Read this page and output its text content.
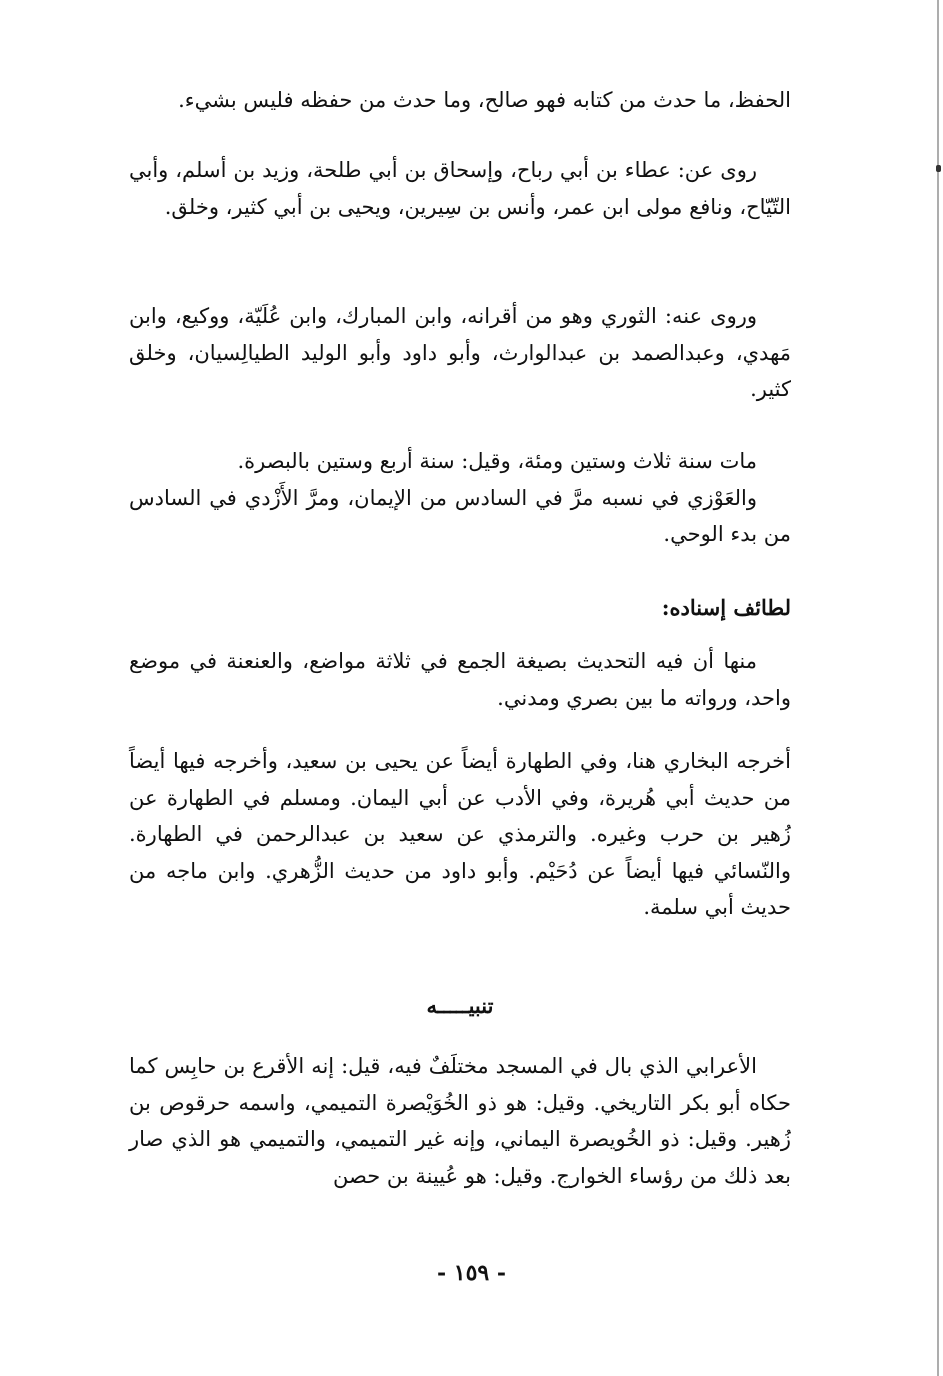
الحفظ، ما حدث من كتابه فهو صالح، وما حدث من حفظه فليس بشيء.

روى عن: عطاء بن أبي رباح، وإسحاق بن أبي طلحة، وزيد بن أسلم، وأبي التّيّاح، ونافع مولى ابن عمر، وأنس بن سِيرين، ويحيى بن أبي كثير، وخلق.

وروى عنه: الثوري وهو من أقرانه، وابن المبارك، وابن عُلَيّة، ووكيع، وابن مَهدي، وعبدالصمد بن عبدالوارث، وأبو داود وأبو الوليد الطيالِسيان، وخلق كثير.

مات سنة ثلاث وستين ومئة، وقيل: سنة أربع وستين بالبصرة.

والعَوْزي في نسبه مرَّ في السادس من الإيمان، ومرَّ الأَزْدي في السادس من بدء الوحي.

لطائف إسناده:

منها أن فيه التحديث بصيغة الجمع في ثلاثة مواضع، والعنعنة في موضع واحد، ورواته ما بين بصري ومدني.

أخرجه البخاري هنا، وفي الطهارة أيضاً عن يحيى بن سعيد، وأخرجه فيها أيضاً من حديث أبي هُريرة، وفي الأدب عن أبي اليمان. ومسلم في الطهارة عن زُهير بن حرب وغيره. والترمذي عن سعيد بن عبدالرحمن في الطهارة. والنّسائي فيها أيضاً عن دُحَيْم. وأبو داود من حديث الزُّهري. وابن ماجه من حديث أبي سلمة.

تنبيـــــه

الأعرابي الذي بال في المسجد مختلَفٌ فيه، قيل: إنه الأقرع بن حابِس كما حكاه أبو بكر التاريخي. وقيل: هو ذو الخُوَيْصرة التميمي، واسمه حرقوص بن زُهير. وقيل: ذو الخُويصرة اليماني، وإنه غير التميمي، والتميمي هو الذي صار بعد ذلك من رؤساء الخوارج. وقيل: هو عُيينة بن حصن

- ١٥٩ -
